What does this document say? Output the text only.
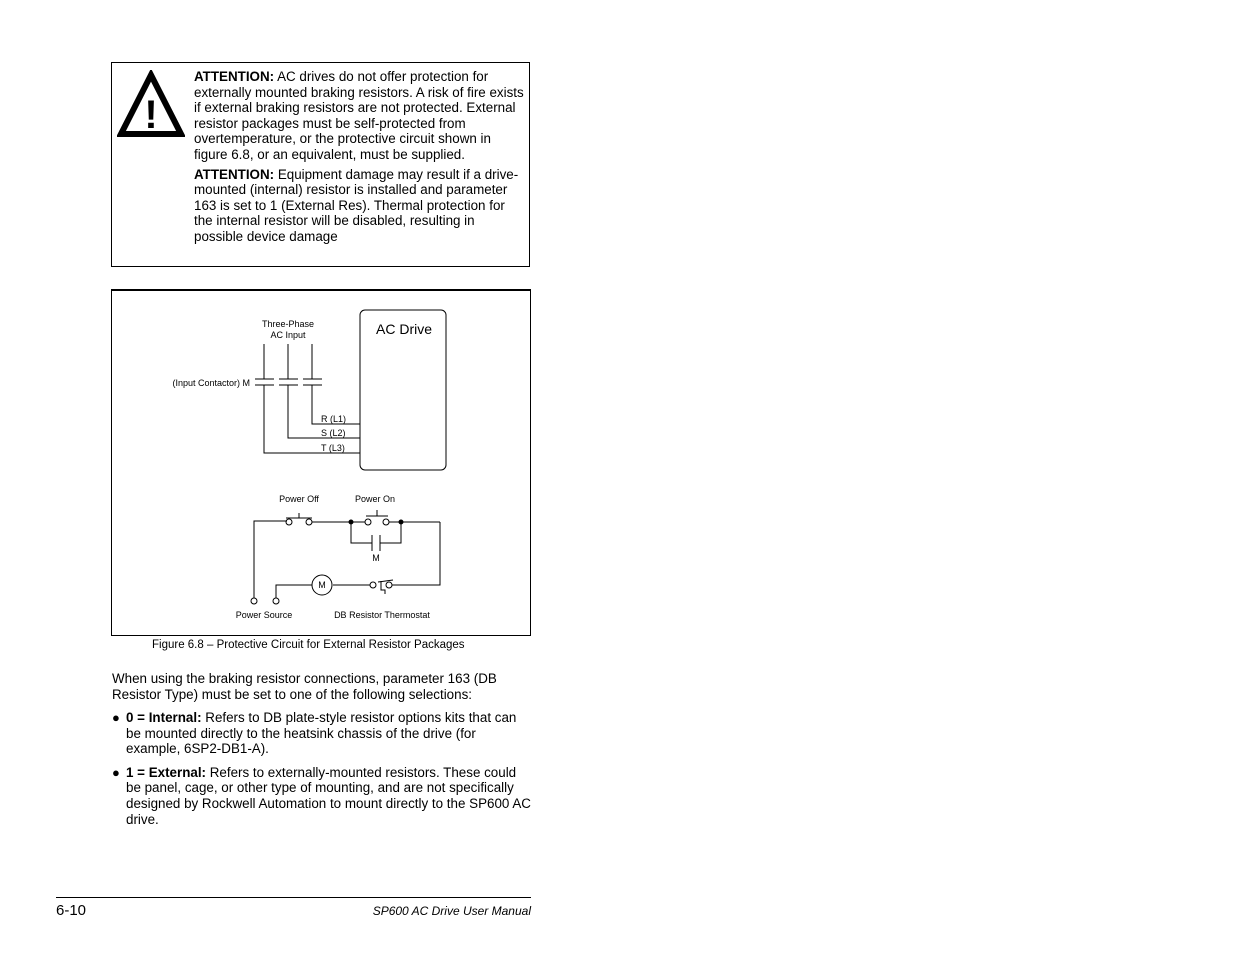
!

ATTENTION: AC drives do not offer protection for externally mounted braking resistors. A risk of fire exists if external braking resistors are not protected. External resistor packages must be self-protected from overtemperature, or the protective circuit shown in figure 6.8, or an equivalent, must be supplied.

ATTENTION: Equipment damage may result if a drive-mounted (internal) resistor is installed and parameter 163 is set to 1 (External Res). Thermal protection for the internal resistor will be disabled, resulting in possible device damage

AC Drive
Three-Phase
AC Input
(Input Contactor) M
R (L1)
S (L2)
T (L3)
Power Off	Power On
M
M
Power Source	DB Resistor Thermostat
Figure 6.8 – Protective Circuit for External Resistor Packages

When using the braking resistor connections, parameter 163 (DB Resistor Type) must be set to one of the following selections:

● 0 = Internal: Refers to DB plate-style resistor options kits that can be mounted directly to the heatsink chassis of the drive (for example, 6SP2-DB1-A).
● 1 = External: Refers to externally-mounted resistors. These could be panel, cage, or other type of mounting, and are not specifically designed by Rockwell Automation to mount directly to the SP600 AC drive.
6-10	SP600 AC Drive User Manual
